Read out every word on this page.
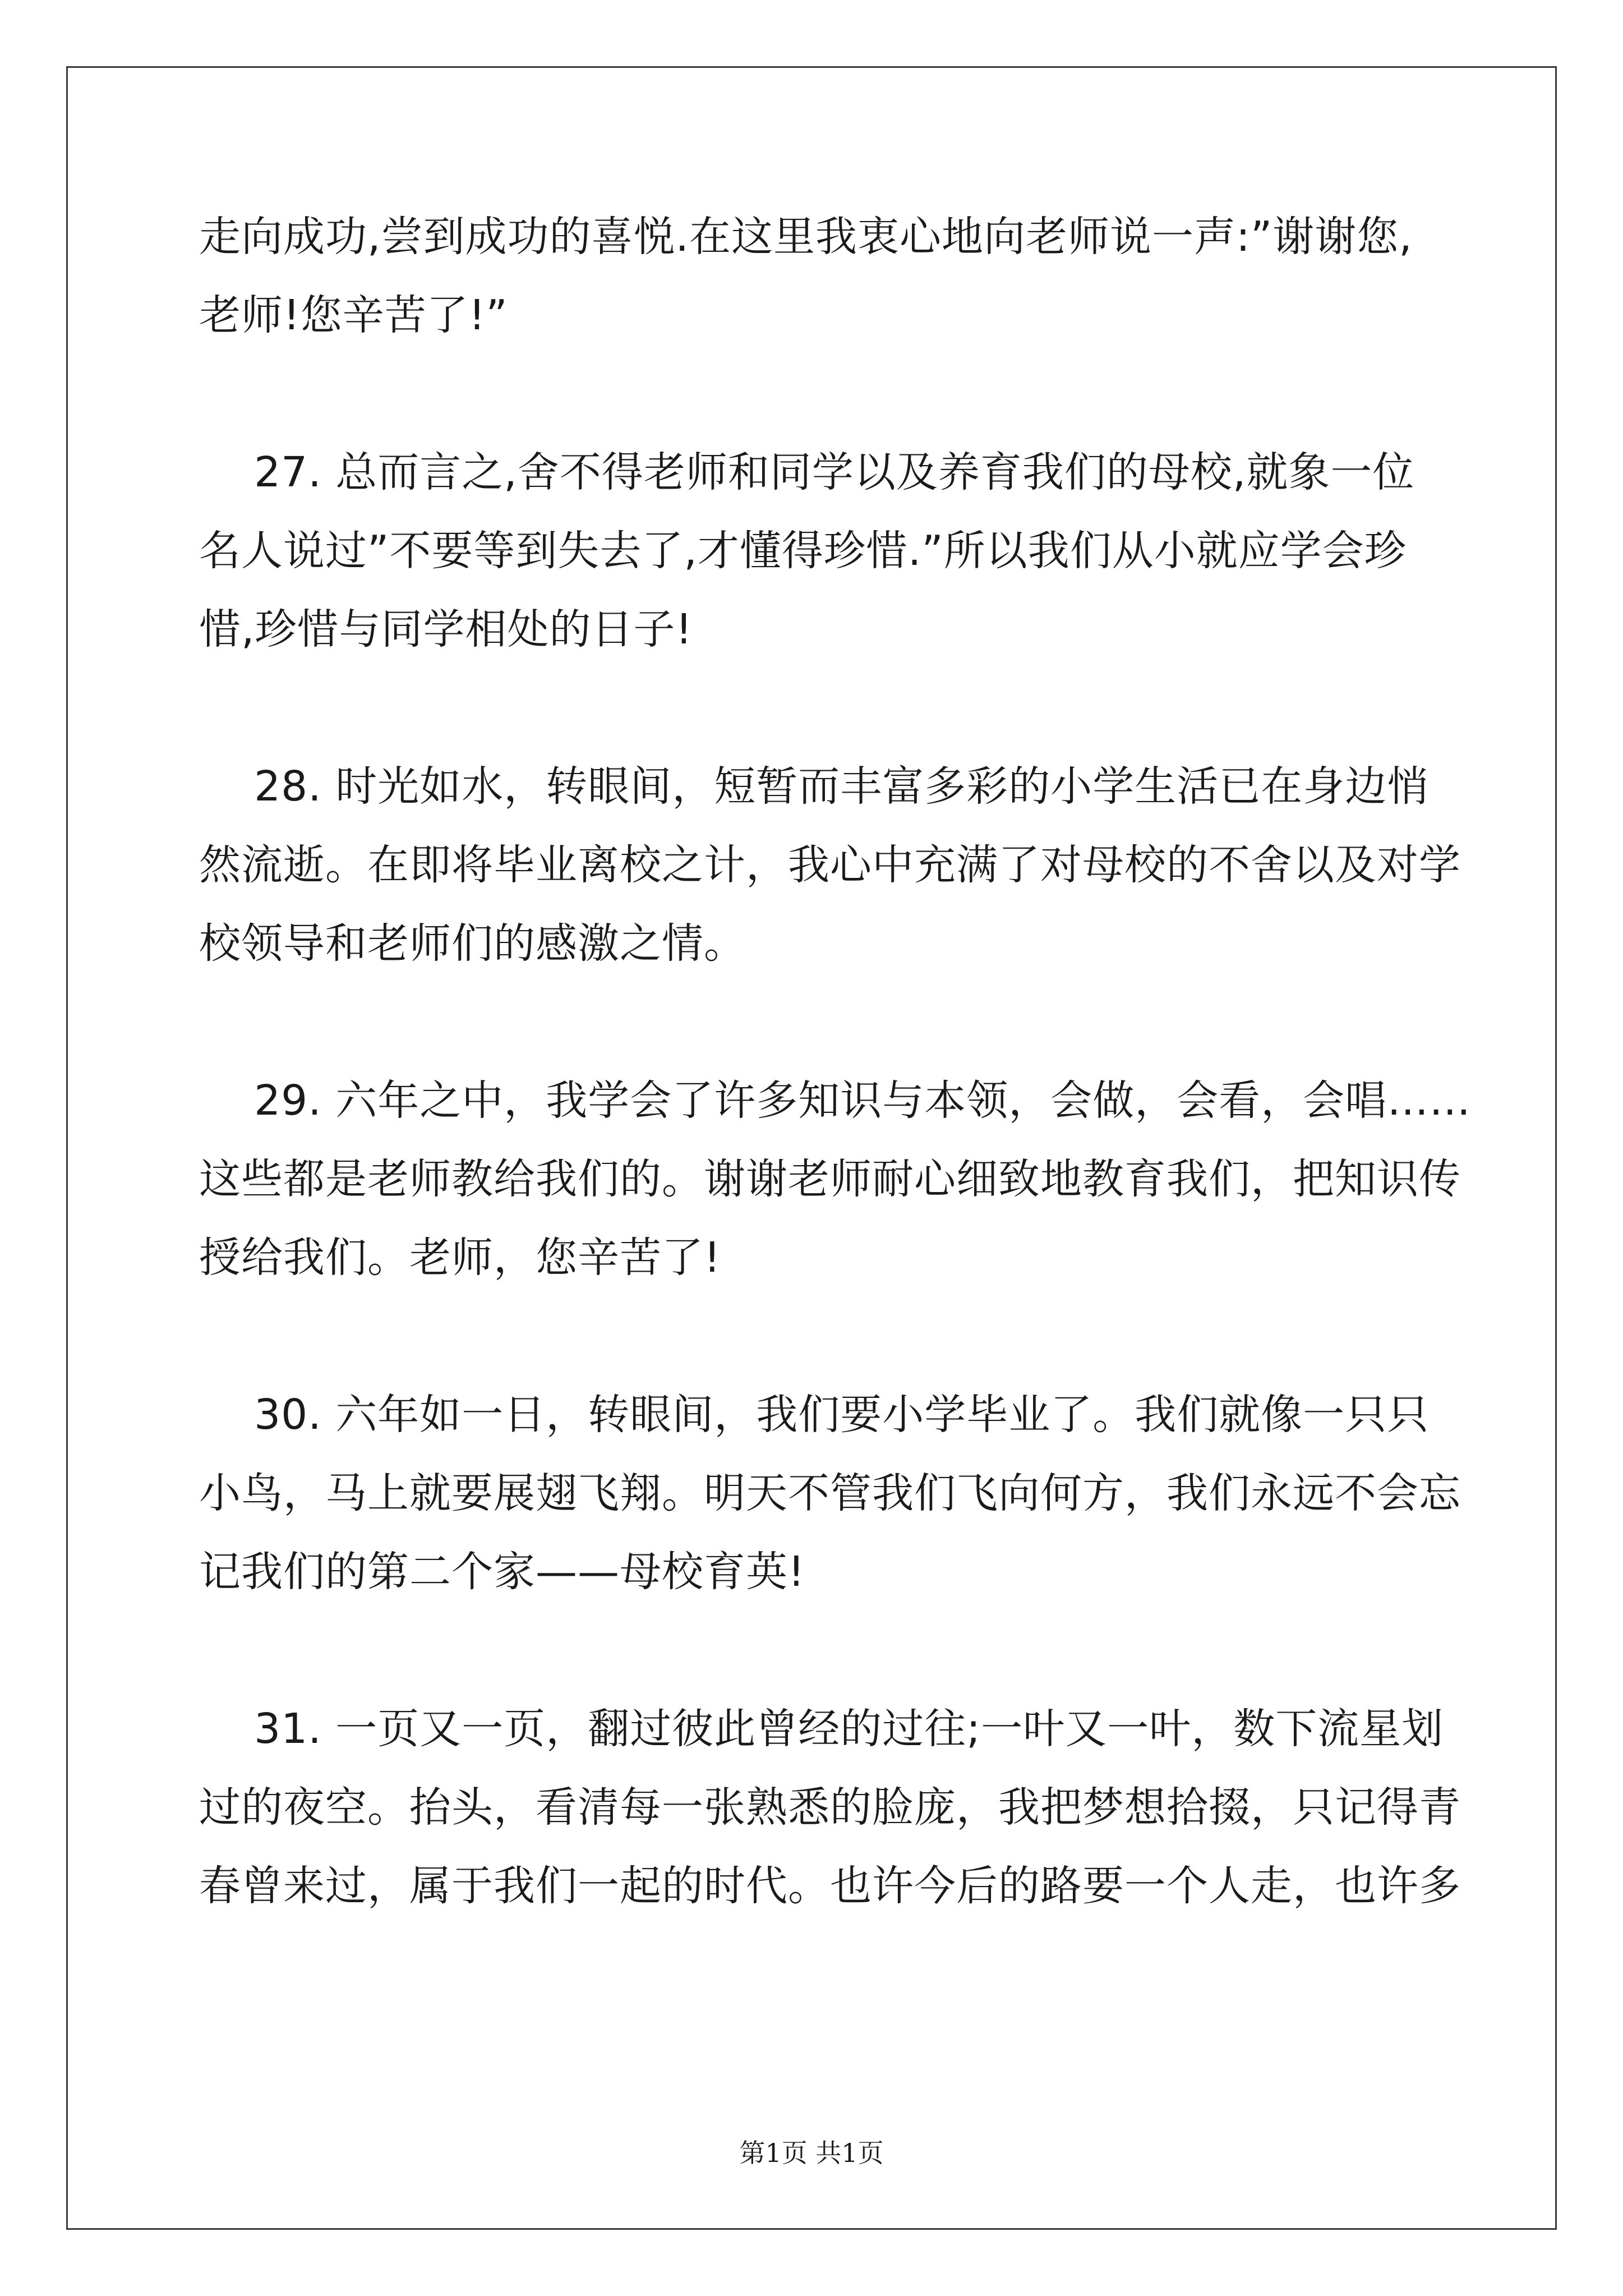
走向成功,尝到成功的喜悦.在这里我衷心地向老师说一声:”谢谢您,
老师!您辛苦了!”
27. 总而言之,舍不得老师和同学以及养育我们的母校,就象一位
名人说过”不要等到失去了,才懂得珍惜.”所以我们从小就应学会珍
惜,珍惜与同学相处的日子!
28. 时光如水，转眼间，短暂而丰富多彩的小学生活已在身边悄
然流逝。在即将毕业离校之计，我心中充满了对母校的不舍以及对学
校领导和老师们的感激之情。
29. 六年之中，我学会了许多知识与本领，会做，会看，会唱……
这些都是老师教给我们的。谢谢老师耐心细致地教育我们，把知识传
授给我们。老师，您辛苦了!
30. 六年如一日，转眼间，我们要小学毕业了。我们就像一只只
小鸟，马上就要展翅飞翔。明天不管我们飞向何方，我们永远不会忘
记我们的第二个家——母校育英!
31. 一页又一页，翻过彼此曾经的过往;一叶又一叶，数下流星划
过的夜空。抬头，看清每一张熟悉的脸庞，我把梦想拾掇，只记得青
春曾来过，属于我们一起的时代。也许今后的路要一个人走，也许多
第1页 共1页
